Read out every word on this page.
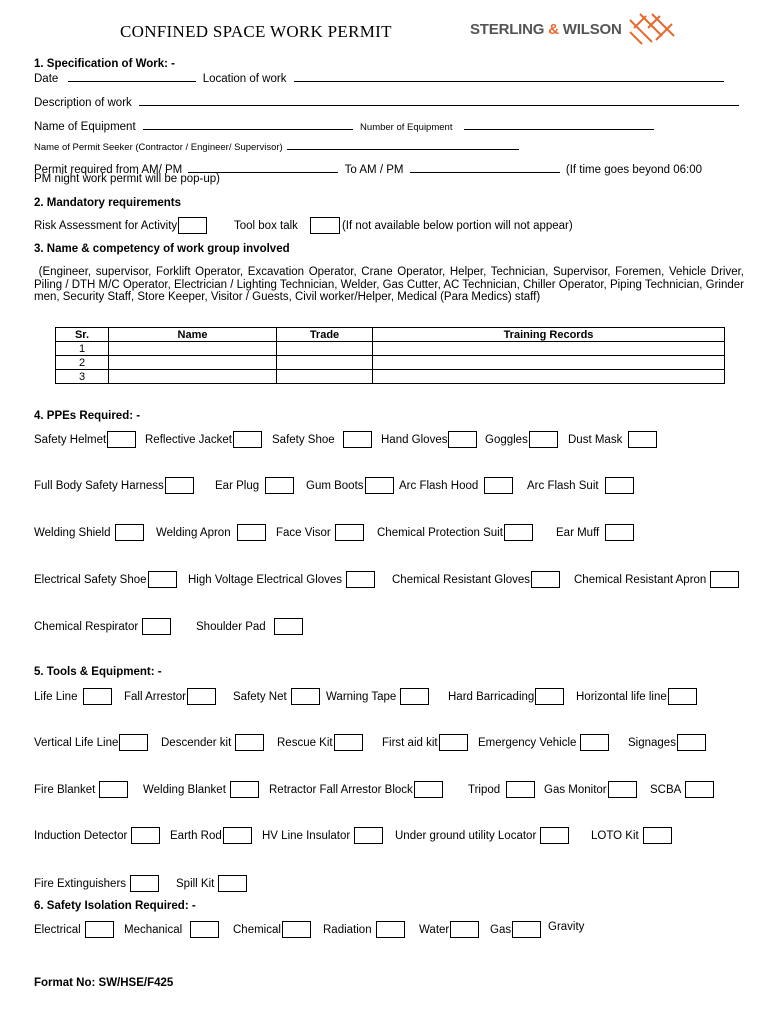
CONFINED SPACE WORK PERMIT	STERLING & WILSON
1. Specification of Work: -
Date	Location of work
Description of work
Name of Equipment	Number of Equipment
Name of Permit Seeker (Contractor / Engineer/ Supervisor)
Permit required from AM/ PM	To AM / PM	(If time goes beyond 06:00
PM night work permit will be pop-up)
2. Mandatory requirements
Risk Assessment for Activity	Tool box talk	(If not available below portion will not appear)
3. Name & competency of work group involved
(Engineer, supervisor, Forklift Operator, Excavation Operator, Crane Operator, Helper, Technician, Supervisor, Foremen, Vehicle Driver, Piling / DTH M/C Operator, Electrician / Lighting Technician, Welder, Gas Cutter, AC Technician, Chiller Operator, Piping Technician, Grinder men, Security Staff, Store Keeper, Visitor / Guests, Civil worker/Helper, Medical (Para Medics) staff)
Sr.	Name	Trade	Training Records
1			
2			
3			
4. PPEs Required: -
Safety Helmet	Reflective Jacket	Safety Shoe	Hand Gloves	Goggles	Dust Mask
Full Body Safety Harness	Ear Plug	Gum Boots	Arc Flash Hood	Arc Flash Suit
Welding Shield	Welding Apron	Face Visor	Chemical Protection Suit	Ear Muff
Electrical Safety Shoe	High Voltage Electrical Gloves	Chemical Resistant Gloves	Chemical Resistant Apron
Chemical Respirator	Shoulder Pad
5. Tools & Equipment: -
Life Line	Fall Arrestor	Safety Net	Warning Tape	Hard Barricading	Horizontal life line
Vertical Life Line	Descender kit	Rescue Kit	First aid kit	Emergency Vehicle	Signages
Fire Blanket	Welding Blanket	Retractor Fall Arrestor Block	Tripod	Gas Monitor	SCBA
Induction Detector	Earth Rod	HV Line Insulator	Under ground utility Locator	LOTO Kit
Fire Extinguishers	Spill Kit
6. Safety Isolation Required: -
Electrical	Mechanical	Chemical	Radiation	Water	Gas	Gravity
Format No: SW/HSE/F425
